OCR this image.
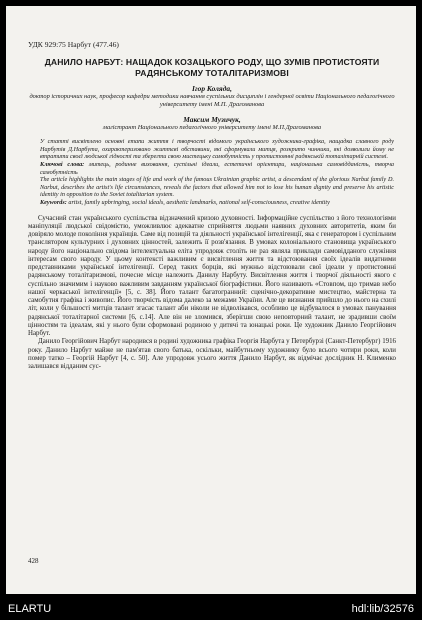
УДК 929:75 Нарбут (477.46)

ДАНИЛО НАРБУТ: НАЩАДОК КОЗАЦЬКОГО РОДУ, ЩО ЗУМІВ ПРОТИСТОЯТИ РАДЯНСЬКОМУ ТОТАЛІТАРИЗМОВІ

Ігор Коляда,

доктор історичних наук, професор кафедри методики навчання суспільних дисциплін і гендерної освіти Національного педагогічного університету імені М.П. Драгоманова

Максим Музичук,

магістрант Національного педагогічного університету імені М.П.Драгоманова

У статті висвітлено основні етапи життя і творчості відомого українського художника-графіка, нащадка славного роду Нарбутів Д.Нарбута, охарактеризовано життєві обставини, які сформували митця, розкрито чинники, які дозволили йому не втратити своєї людської гідності та зберегти свою мистецьку самобутність у протистоянні радянській тоталітарній системі.

Ключові слова: митець, родинне виховання, суспільні ідеали, естетичні орієнтири, національна самовідданість, творча самобутність

The article highlights the main stages of life and work of the famous Ukrainian graphic artist, a descendant of the glorious Narbut family D. Narbut, describes the artist's life circumstances, reveals the factors that allowed him not to lose his human dignity and preserve his artistic identity in opposition to the Soviet totalitarian system.

Keywords: artist, family upbringing, social ideals, aesthetic landmarks, national self-consciousness, creative identity

Сучасний стан українського суспільства відзначений кризою духовності. Інформаційне суспільство з його технологіями маніпуляції людської свідомістю, уможливлює адекватне сприйняття людьми наявних духовних авторитетів, яким би довіряло молоде покоління українців. Саме від позицій та діяльності української інтелігенції, яка є генератором і суспільним транслятором культурних і духовних цінностей, залежить її розв'язання. В умовах колоніального становища українського народу його національно свідома інтелектуальна еліта упродовж століть не раз являла приклади самовідданого служіння інтересам свого народу. У цьому контексті важливим є висвітлення життя та відстоювання своїх ідеалів видатними представниками української інтелігенції. Серед таких борців, які мужньо відстоювали свої ідеали у протистоянні радянському тоталітаризмові, почесне місце належить Данилу Нарбуту. Висвітлення життя і творчої діяльності якого є суспільно значимим і науково важливим завданням української біографістики. Його називають «Стовпом, що тримав небо нашої черкаської інтелігенції» [5, с. 38]. Його талант багатогранний: сценічно-декоративне мистецтво, майстерна та самобутня графіка і живопис. Його творчість відома далеко за межами України. Але це визнання прийшло до нього на схилі літ, коли у більшості митців талант згасає талант аби ніколи не відволікався, особливо це відбувалося в умовах панування радянської тоталітарної системи [6, с.14]. Але він не зломився, зберігши свою неповторний талант, не зрадивши своїм цінностям та ідеалам, які у нього були сформовані родиною у дитячі та юнацькі роки. Це художник Данило Георгійович Нарбут.

Данило Георгійович Нарбут народився в родині художника графіка Георгія Нарбута у Петербурзі (Санкт-Петербург) 1916 року. Данило Нарбут майже не пам'ятав свого батька, оскільки, майбутньому художнику було всього чотири роки, коли помер татко – Георгій Нарбут [4, с. 50]. Але упродовж усього життя Данило Нарбут, як відмічає дослідник Н. Клименко залишався відданим сус-

428
ELARTU	hdl:lib/32576
